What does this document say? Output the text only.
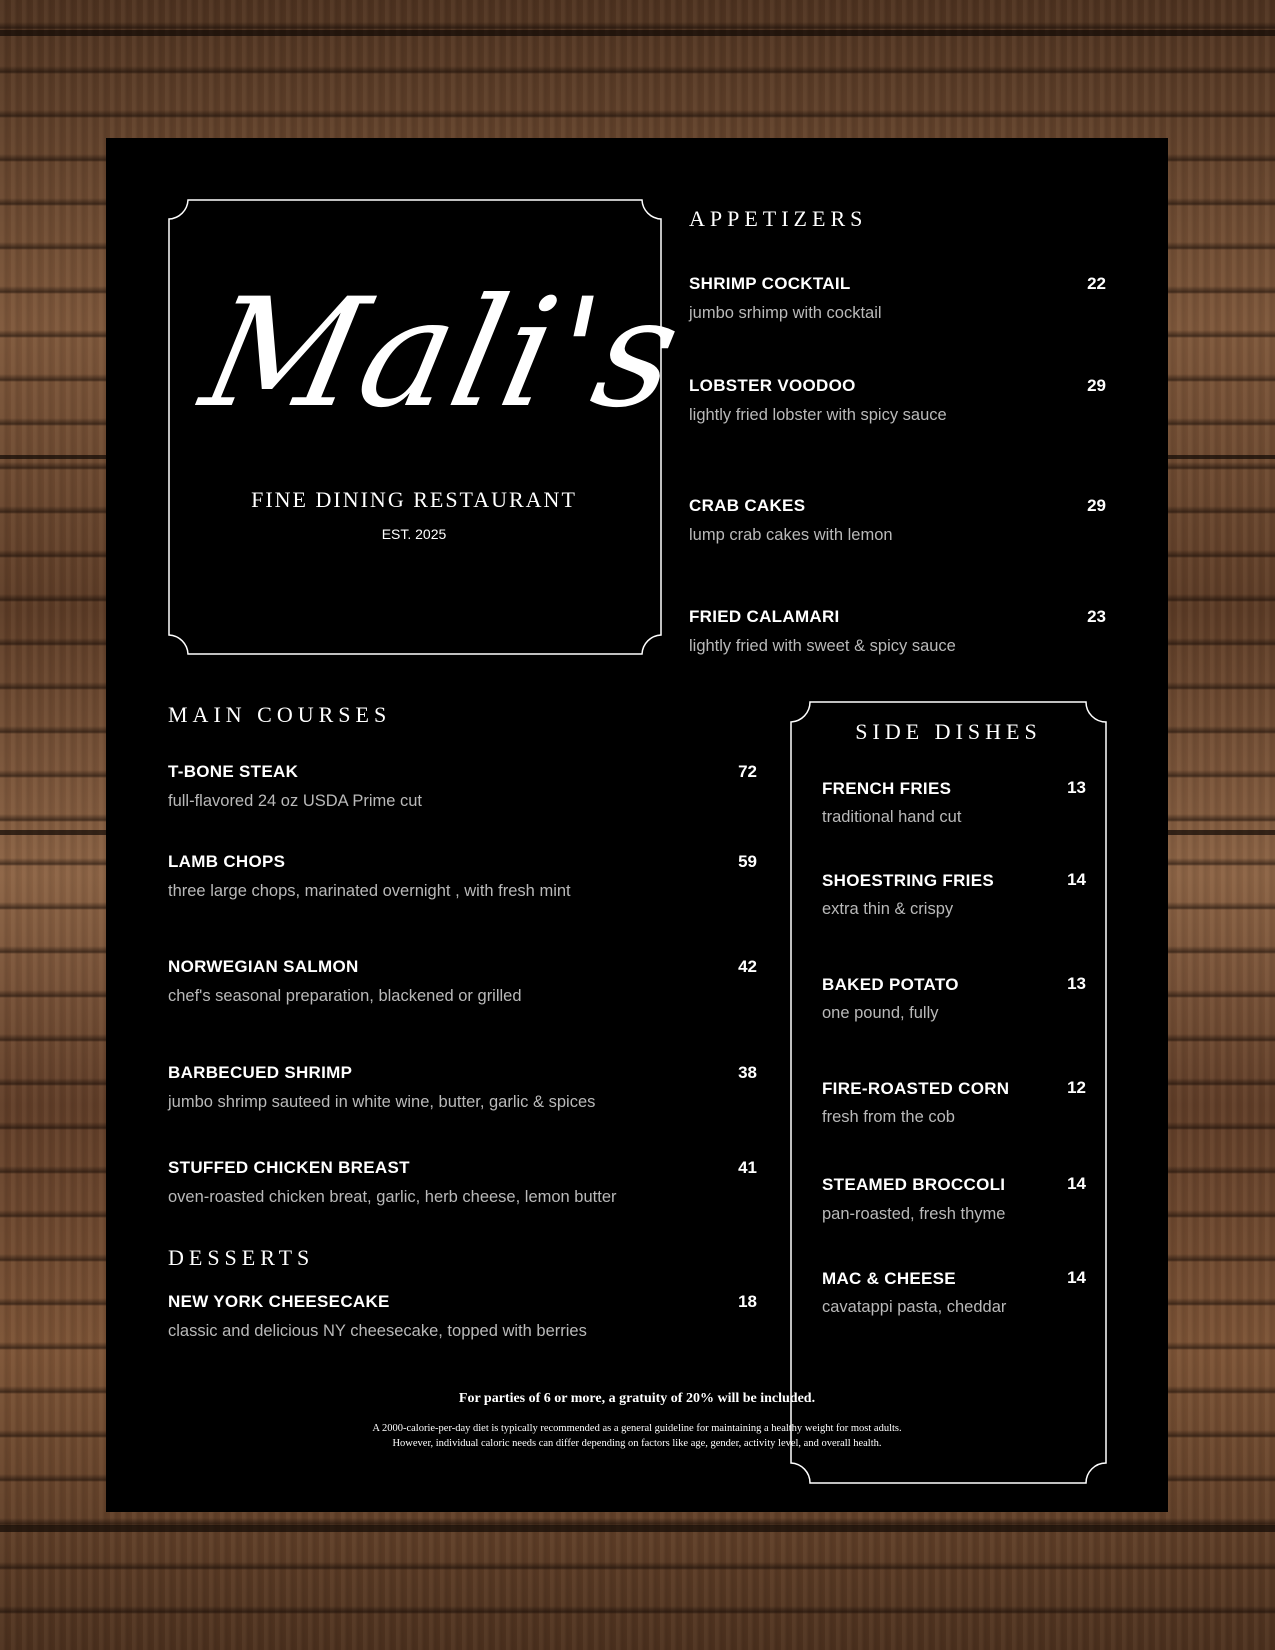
Mali's
FINE DINING RESTAURANT
EST. 2025
APPETIZERS
SHRIMP COCKTAIL	22
jumbo srhimp with cocktail
LOBSTER VOODOO	29
lightly fried lobster with spicy sauce
CRAB CAKES	29
lump crab cakes with lemon
FRIED CALAMARI	23
lightly fried with sweet & spicy sauce
MAIN COURSES
T-BONE STEAK	72
full-flavored 24 oz USDA Prime cut
LAMB CHOPS	59
three large chops, marinated overnight , with fresh mint
NORWEGIAN SALMON	42
chef's seasonal preparation, blackened or grilled
BARBECUED SHRIMP	38
jumbo shrimp sauteed in white wine, butter, garlic & spices
STUFFED CHICKEN BREAST	41
oven-roasted chicken breat, garlic, herb cheese, lemon butter
DESSERTS
NEW YORK CHEESECAKE	18
classic and delicious NY cheesecake, topped with berries
SIDE DISHES
FRENCH FRIES	13
traditional hand cut
SHOESTRING FRIES	14
extra thin & crispy
BAKED POTATO	13
one pound, fully
FIRE-ROASTED CORN	12
fresh from the cob
STEAMED BROCCOLI	14
pan-roasted, fresh thyme
MAC & CHEESE	14
cavatappi pasta, cheddar
For parties of 6 or more, a gratuity of 20% will be included.
A 2000-calorie-per-day diet is typically recommended as a general guideline for maintaining a healthy weight for most adults.
However, individual caloric needs can differ depending on factors like age, gender, activity level, and overall health.
